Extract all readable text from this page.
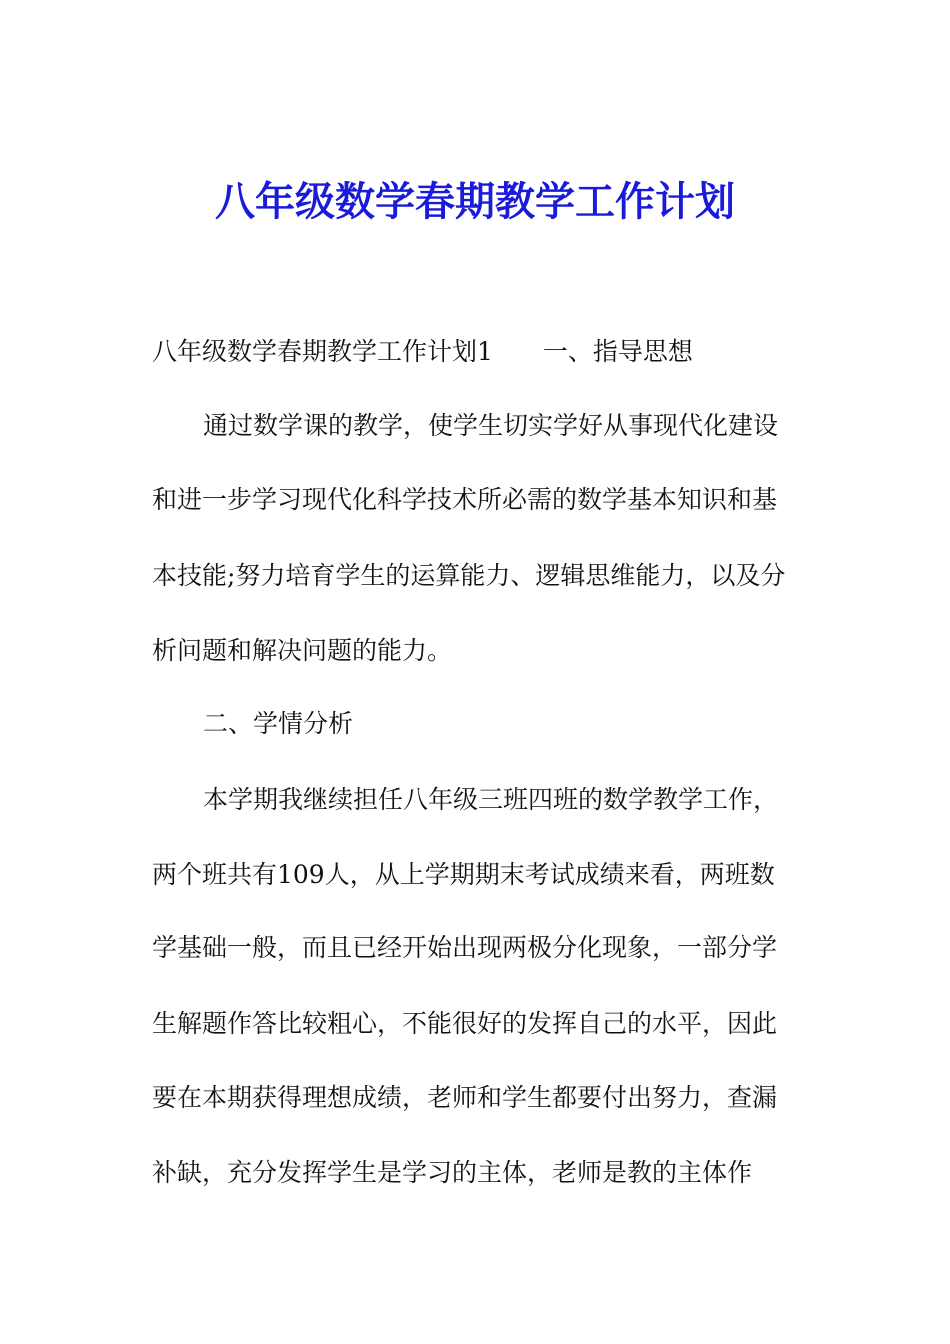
八年级数学春期教学工作计划
八年级数学春期教学工作计划1 一、指导思想
通过数学课的教学，使学生切实学好从事现代化建设
和进一步学习现代化科学技术所必需的数学基本知识和基
本技能;努力培育学生的运算能力、逻辑思维能力，以及分
析问题和解决问题的能力。
二、学情分析
本学期我继续担任八年级三班四班的数学教学工作，
两个班共有109人，从上学期期末考试成绩来看，两班数
学基础一般，而且已经开始出现两极分化现象，一部分学
生解题作答比较粗心，不能很好的发挥自己的水平，因此
要在本期获得理想成绩，老师和学生都要付出努力，查漏
补缺，充分发挥学生是学习的主体，老师是教的主体作
